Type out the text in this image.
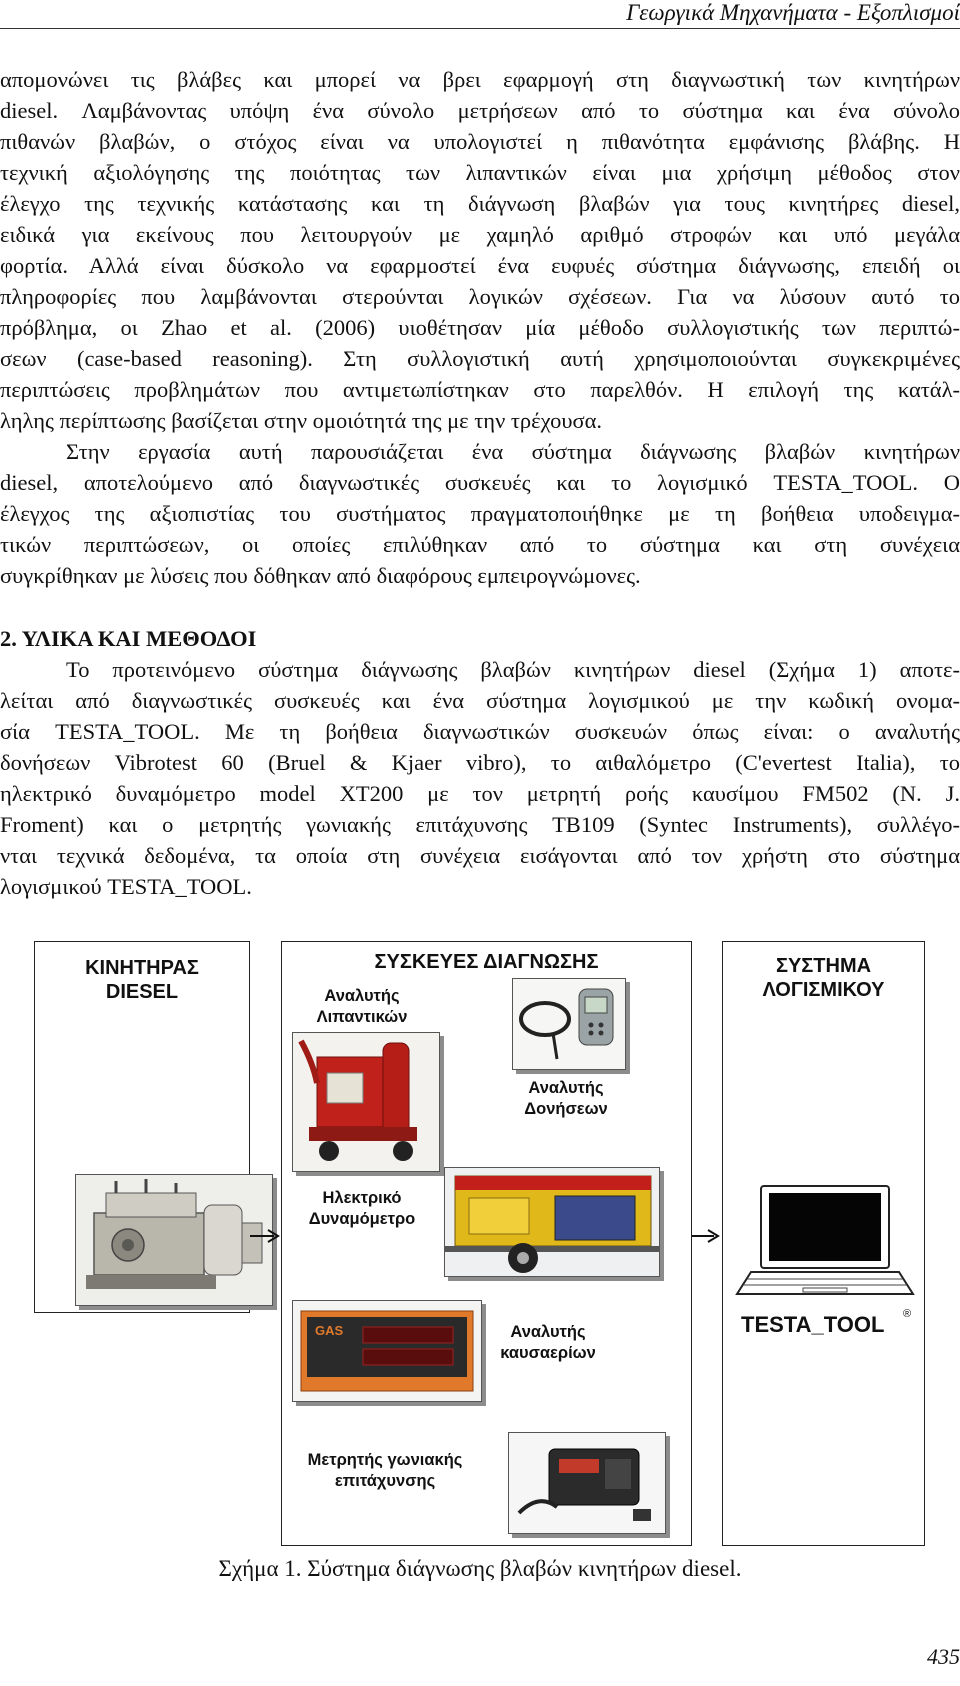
Γεωργικά Μηχανήματα - Εξοπλισμοί
απομονώνει τις βλάβες και μπορεί να βρει εφαρμογή στη διαγνωστική των κινητήρων
diesel. Λαμβάνοντας υπόψη ένα σύνολο μετρήσεων από το σύστημα και ένα σύνολο
πιθανών βλαβών, ο στόχος είναι να υπολογιστεί η πιθανότητα εμφάνισης βλάβης. Η
τεχνική αξιολόγησης της ποιότητας των λιπαντικών είναι μια χρήσιμη μέθοδος στον
έλεγχο της τεχνικής κατάστασης και τη διάγνωση βλαβών για τους κινητήρες diesel,
ειδικά για εκείνους που λειτουργούν με χαμηλό αριθμό στροφών και υπό μεγάλα
φορτία. Αλλά είναι δύσκολο να εφαρμοστεί ένα ευφυές σύστημα διάγνωσης, επειδή οι
πληροφορίες που λαμβάνονται στερούνται λογικών σχέσεων. Για να λύσουν αυτό το
πρόβλημα, οι Zhao et al. (2006) υιοθέτησαν μία μέθοδο συλλογιστικής των περιπτώ-
σεων (case-based reasoning). Στη συλλογιστική αυτή χρησιμοποιούνται συγκεκριμένες
περιπτώσεις προβλημάτων που αντιμετωπίστηκαν στο παρελθόν. Η επιλογή της κατάλ-
ληλης περίπτωσης βασίζεται στην ομοιότητά της με την τρέχουσα.
Στην εργασία αυτή παρουσιάζεται ένα σύστημα διάγνωσης βλαβών κινητήρων
diesel, αποτελούμενο από διαγνωστικές συσκευές και το λογισμικό TESTA_TOOL. Ο
έλεγχος της αξιοπιστίας του συστήματος πραγματοποιήθηκε με τη βοήθεια υποδειγμα-
τικών περιπτώσεων, οι οποίες επιλύθηκαν από το σύστημα και στη συνέχεια
συγκρίθηκαν με λύσεις που δόθηκαν από διαφόρους εμπειρογνώμονες.
2. ΥΛΙΚΑ ΚΑΙ ΜΕΘΟΔΟΙ
Το προτεινόμενο σύστημα διάγνωσης βλαβών κινητήρων diesel (Σχήμα 1) αποτε-
λείται από διαγνωστικές συσκευές και ένα σύστημα λογισμικού με την κωδική ονομα-
σία TESTA_TOOL. Με τη βοήθεια διαγνωστικών συσκευών όπως είναι: ο αναλυτής
δονήσεων Vibrotest 60 (Bruel & Kjaer vibro), το αιθαλόμετρο (C'evertest Italia), το
ηλεκτρικό δυναμόμετρο model XT200 με τον μετρητή ροής καυσίμου FM502 (N. J.
Froment) και ο μετρητής γωνιακής επιτάχυνσης TB109 (Syntec Instruments), συλλέγο-
νται τεχνικά δεδομένα, τα οποία στη συνέχεια εισάγονται από τον χρήστη στο σύστημα
λογισμικού TESTA_TOOL.
ΚΙΝΗΤΗΡΑΣ
DIESEL
ΣΥΣΚΕΥΕΣ ΔΙΑΓΝΩΣΗΣ
Αναλυτής
Λιπαντικών
Αναλυτής
Δονήσεων
Ηλεκτρικό
Δυναμόμετρο
GAS	Αναλυτής
καυσαερίων
Μετρητής γωνιακής
επιτάχυνσης
ΣΥΣΤΗΜΑ
ΛΟΓΙΣΜΙΚΟΥ
TESTA_TOOL ®
Σχήμα 1. Σύστημα διάγνωσης βλαβών κινητήρων diesel.
435
